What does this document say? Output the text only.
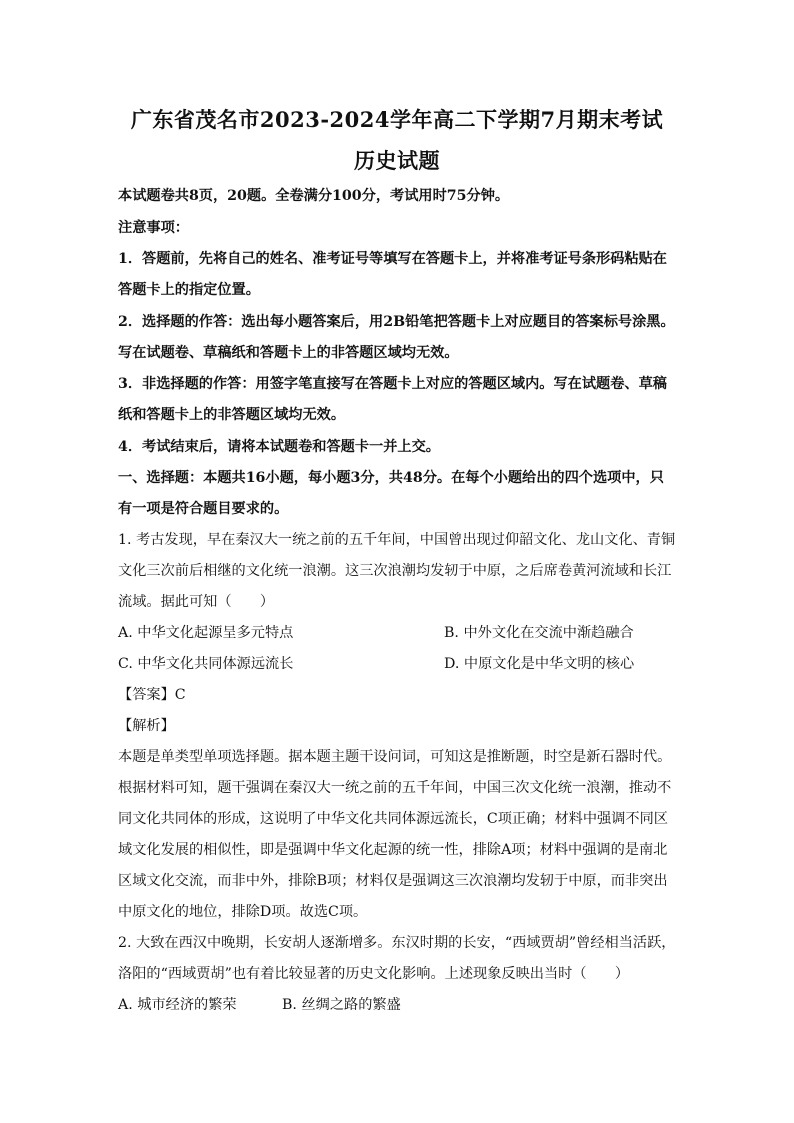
广东省茂名市2023-2024学年高二下学期7月期末考试
历史试题
本试题卷共8页，20题。全卷满分100分，考试用时75分钟。
注意事项：
1．答题前，先将自己的姓名、准考证号等填写在答题卡上，并将准考证号条形码粘贴在
答题卡上的指定位置。
2．选择题的作答：选出每小题答案后，用2B铅笔把答题卡上对应题目的答案标号涂黑。
写在试题卷、草稿纸和答题卡上的非答题区域均无效。
3．非选择题的作答：用签字笔直接写在答题卡上对应的答题区域内。写在试题卷、草稿
纸和答题卡上的非答题区域均无效。
4．考试结束后，请将本试题卷和答题卡一并上交。
一、选择题：本题共16小题，每小题3分，共48分。在每个小题给出的四个选项中，只
有一项是符合题目要求的。
1. 考古发现，早在秦汉大一统之前的五千年间，中国曾出现过仰韶文化、龙山文化、青铜
文化三次前后相继的文化统一浪潮。这三次浪潮均发轫于中原，之后席卷黄河流域和长江
流域。据此可知（　　）
A. 中华文化起源呈多元特点	B. 中外文化在交流中渐趋融合
C. 中华文化共同体源远流长	D. 中原文化是中华文明的核心
【答案】C
【解析】
本题是单类型单项选择题。据本题主题干设问词，可知这是推断题，时空是新石器时代。
根据材料可知，题干强调在秦汉大一统之前的五千年间，中国三次文化统一浪潮，推动不
同文化共同体的形成，这说明了中华文化共同体源远流长，C项正确；材料中强调不同区
域文化发展的相似性，即是强调中华文化起源的统一性，排除A项；材料中强调的是南北
区域文化交流，而非中外，排除B项；材料仅是强调这三次浪潮均发轫于中原，而非突出
中原文化的地位，排除D项。故选C项。
2. 大致在西汉中晚期，长安胡人逐渐增多。东汉时期的长安，“西域贾胡”曾经相当活跃，
洛阳的“西域贾胡”也有着比较显著的历史文化影响。上述现象反映出当时（　　）
A. 城市经济的繁荣	B. 丝绸之路的繁盛
